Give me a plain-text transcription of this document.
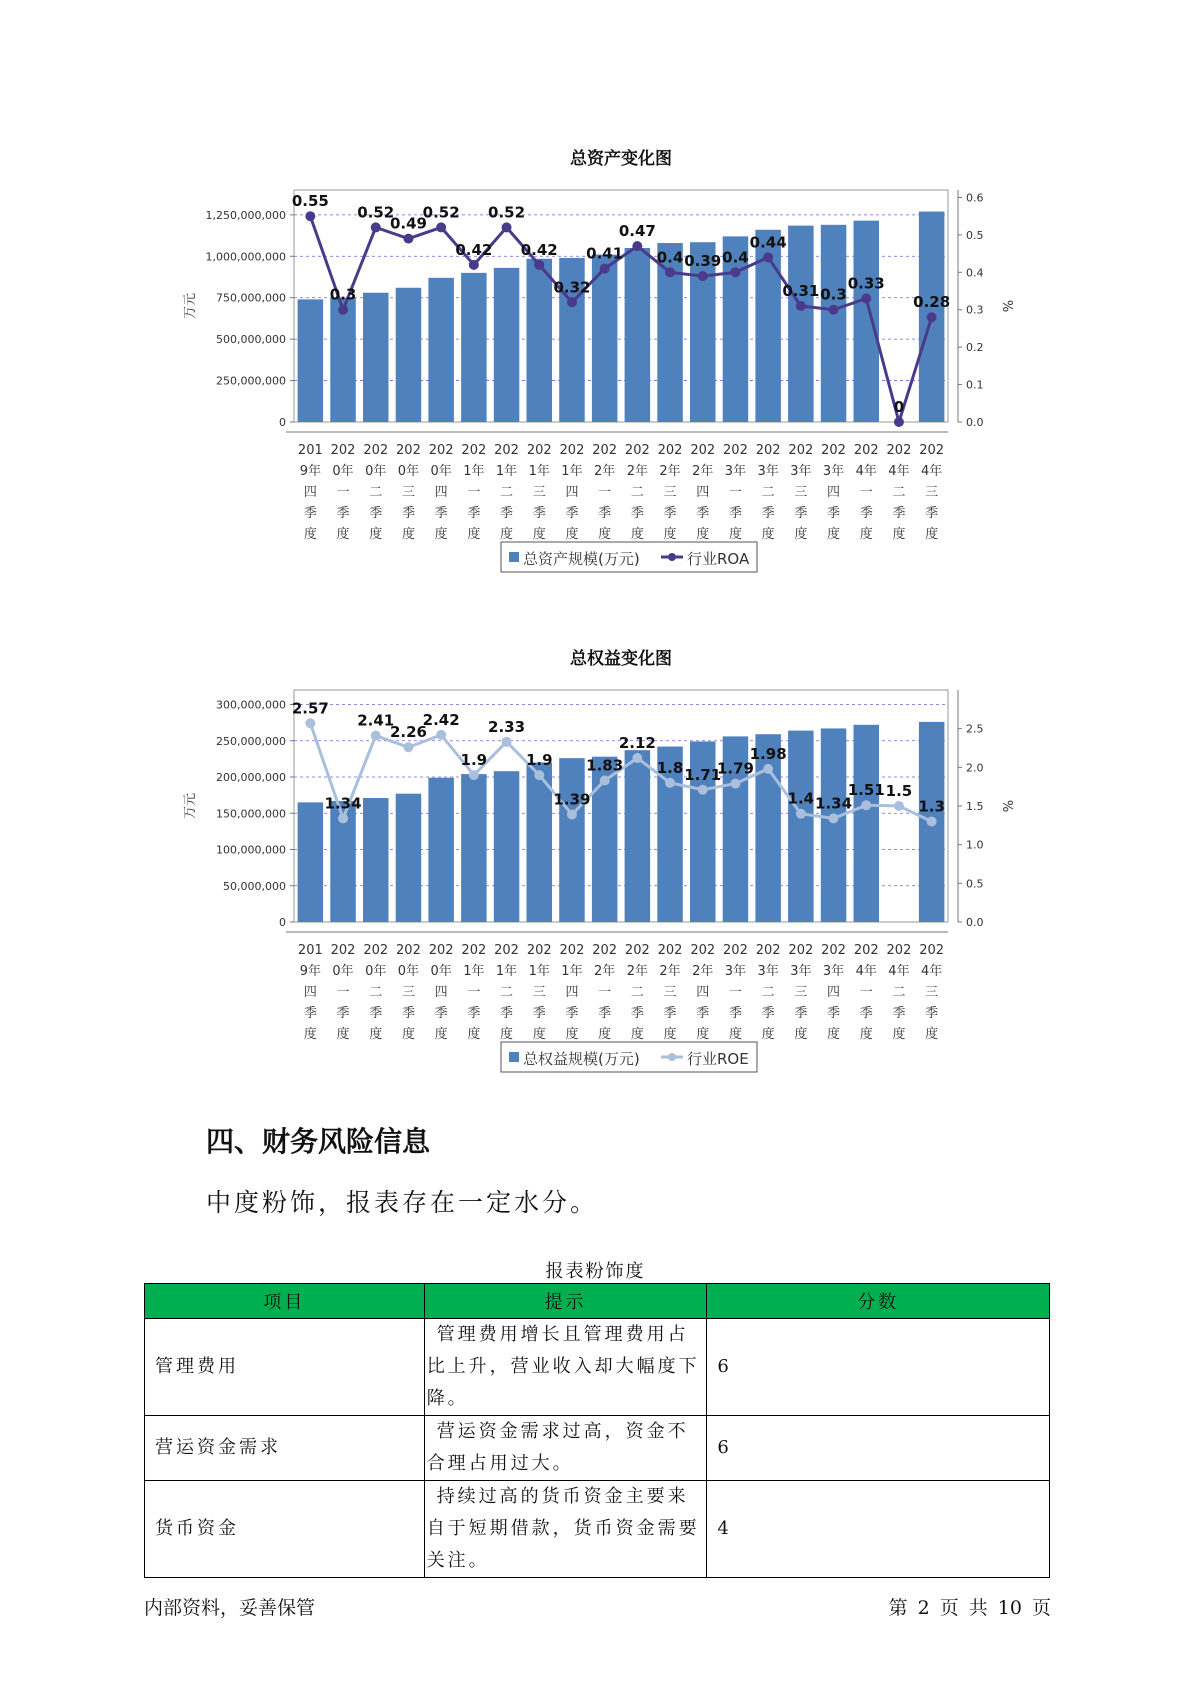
总资产变化图
0
250,000,000
500,000,000
750,000,000
1,000,000,000
1,250,000,000
万元
0.0
0.1
0.2
0.3
0.4
0.5
0.6
%
201 9年四季度
202 0年一季度
202 0年二季度
202 0年三季度
202 0年四季度
202 1年一季度
202 1年二季度
202 1年三季度
202 1年四季度
202 2年一季度
202 2年二季度
202 2年三季度
202 2年四季度
202 3年一季度
202 3年二季度
202 3年三季度
202 3年四季度
202 4年一季度
202 4年二季度
202 4年三季度
0.55
0.3
0.52
0.49
0.52
0.42
0.52
0.42
0.32
0.41
0.47
0.4 0.39 0.4
0.44
0.31 0.3
0.33
0
0.28
总资产规模(万元)	行业ROA
总权益变化图
0
50,000,000
100,000,000
150,000,000
200,000,000
250,000,000
300,000,000
万元
0.0
0.5
1.0
1.5
2.0
2.5
%
201 9年四季度
202 0年一季度
202 0年二季度
202 0年三季度
202 0年四季度
202 1年一季度
202 1年二季度
202 1年三季度
202 1年四季度
202 2年一季度
202 2年二季度
202 2年三季度
202 2年四季度
202 3年一季度
202 3年二季度
202 3年三季度
202 3年四季度
202 4年一季度
202 4年二季度
202 4年三季度
2.57
1.34
2.41
2.26
2.42
1.9
2.33
1.9
1.39
1.83
2.12
1.8 1.71
1.79
1.98
1.4 1.34
1.51 1.5
1.3
总权益规模(万元)	行业ROE
四、财务风险信息

中度粉饰，报表存在一定水分。

报表粉饰度
项目	提示	分数
管理费用	管理费用增长且管理费用占比上升，营业收入却大幅度下降。	6
营运资金需求	营运资金需求过高，资金不合理占用过大。	6
货币资金	持续过高的货币资金主要来自于短期借款，货币资金需要关注。	4
内部资料，妥善保管	第 2 页 共 10 页
